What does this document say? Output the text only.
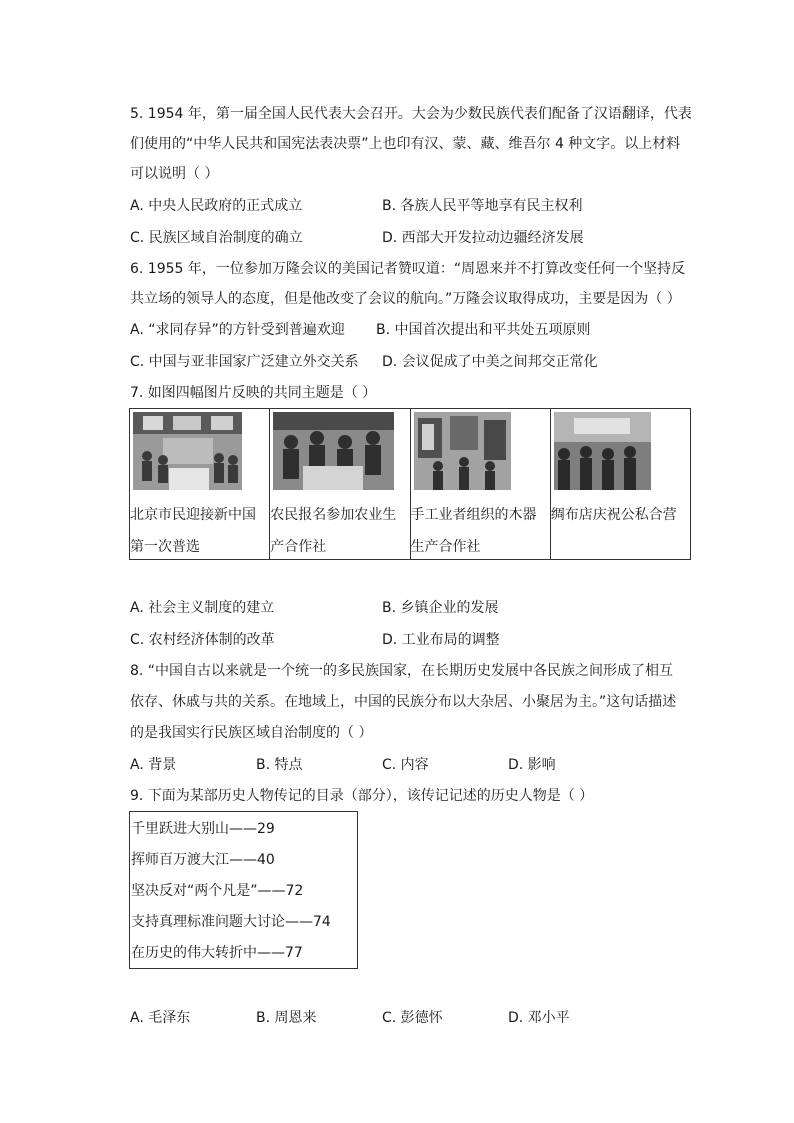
5. 1954 年，第一届全国人民代表大会召开。大会为少数民族代表们配备了汉语翻译，代表
们使用的“中华人民共和国宪法表决票”上也印有汉、蒙、藏、维吾尔 4 种文字。以上材料
可以说明（ ）
A. 中央人民政府的正式成立	B. 各族人民平等地享有民主权利
C. 民族区域自治制度的确立	D. 西部大开发拉动边疆经济发展
6. 1955 年，一位参加万隆会议的美国记者赞叹道：“周恩来并不打算改变任何一个坚持反
共立场的领导人的态度，但是他改变了会议的航向。”万隆会议取得成功，主要是因为（ ）
A. “求同存异”的方针受到普遍欢迎 B. 中国首次提出和平共处五项原则
C. 中国与亚非国家广泛建立外交关系 D. 会议促成了中美之间邦交正常化
7. 如图四幅图片反映的共同主题是（ ）
北京市民迎接新中国第一次普选
农民报名参加农业生产合作社
手工业者组织的木器生产合作社
绸布店庆祝公私合营
A. 社会主义制度的建立	B. 乡镇企业的发展
C. 农村经济体制的改革	D. 工业布局的调整
8. “中国自古以来就是一个统一的多民族国家，在长期历史发展中各民族之间形成了相互
依存、休戚与共的关系。在地域上，中国的民族分布以大杂居、小聚居为主。”这句话描述
的是我国实行民族区域自治制度的（ ）
A. 背景	B. 特点	C. 内容	D. 影响
9. 下面为某部历史人物传记的目录（部分），该传记记述的历史人物是（ ）
千里跃进大别山——29
挥师百万渡大江——40
坚决反对“两个凡是”——72
支持真理标准问题大讨论——74
在历史的伟大转折中——77
A. 毛泽东	B. 周恩来	C. 彭德怀	D. 邓小平
